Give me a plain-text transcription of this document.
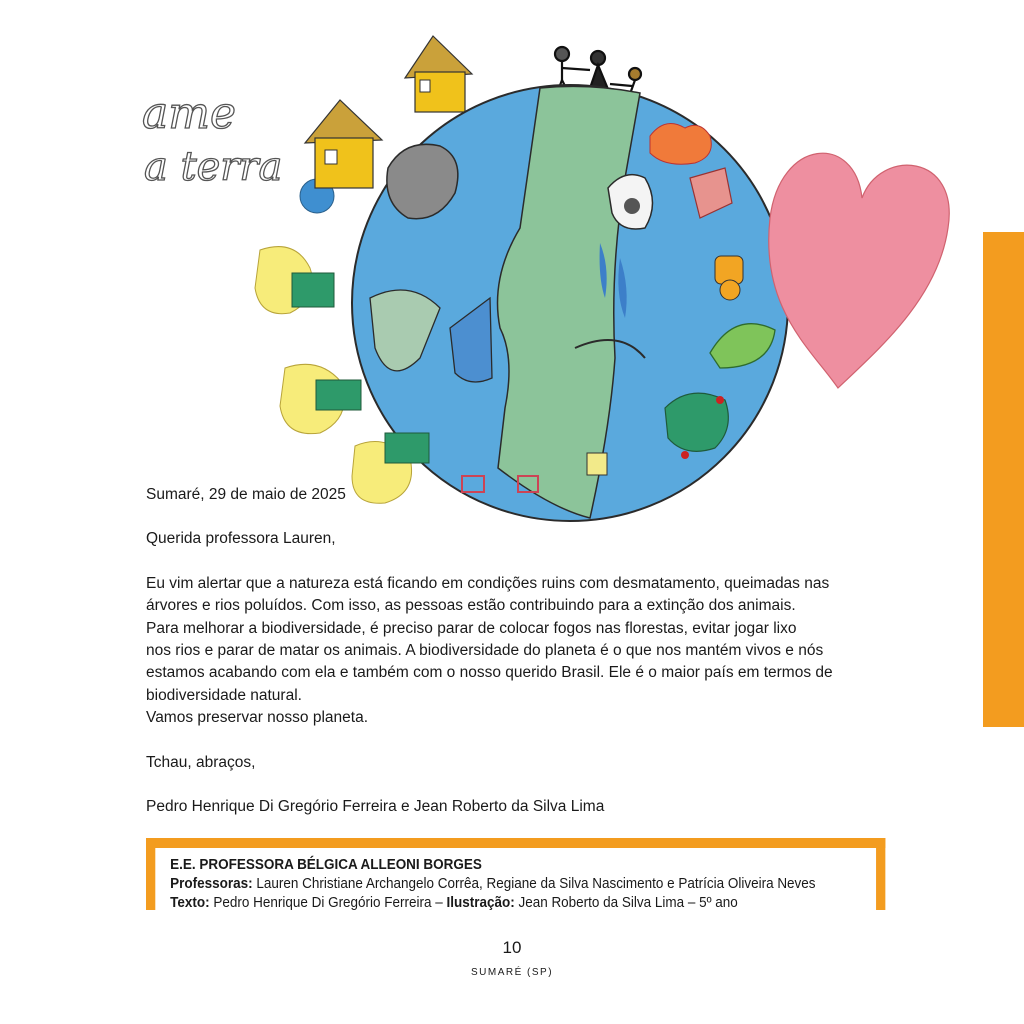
ame
a terra

Sumaré, 29 de maio de 2025

Querida professora Lauren,

Eu vim alertar que a natureza está ficando em condições ruins com desmatamento, queimadas nas

árvores e rios poluídos. Com isso, as pessoas estão contribuindo para a extinção dos animais.

Para melhorar a biodiversidade, é preciso parar de colocar fogos nas florestas, evitar jogar lixo

nos rios e parar de matar os animais. A biodiversidade do planeta é o que nos mantém vivos e nós

estamos acabando com ela e também com o nosso querido Brasil. Ele é o maior país em termos de

biodiversidade natural.

Vamos preservar nosso planeta.

Tchau, abraços,

Pedro Henrique Di Gregório Ferreira e Jean Roberto da Silva Lima

E.E. PROFESSORA BÉLGICA ALLEONI BORGES
Professoras: Lauren Christiane Archangelo Corrêa, Regiane da Silva Nascimento e Patrícia Oliveira Neves
Texto: Pedro Henrique Di Gregório Ferreira – Ilustração: Jean Roberto da Silva Lima – 5º ano
10
SUMARÉ (SP)
